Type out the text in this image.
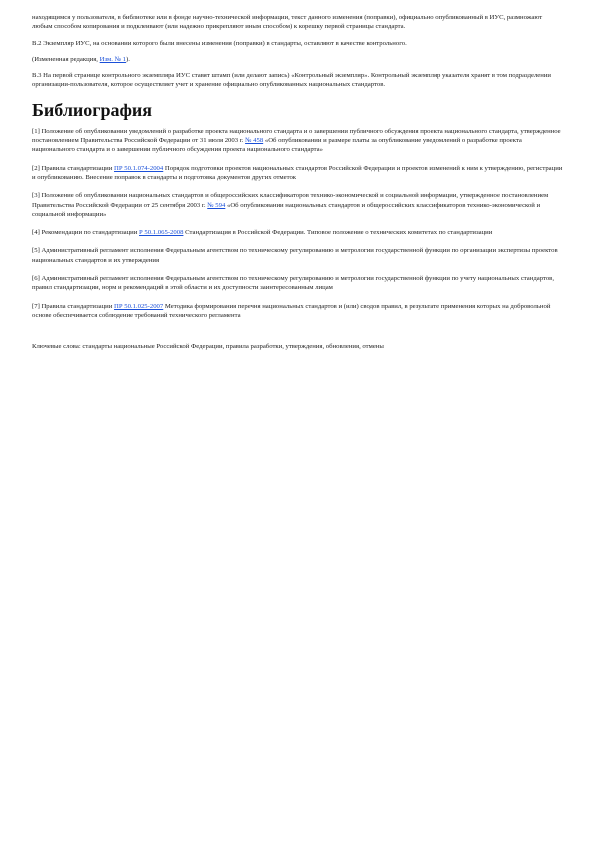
находящимся у пользователя, в библиотеке или в фонде научно-технической информации, текст данного изменения (поправки), официально опубликованный в ИУС, размножают любым способом копирования и подклеивают (или надежно прикрепляют иным способом) к корешку первой страницы стандарта.

В.2 Экземпляр ИУС, на основании которого были внесены изменения (поправки) в стандарты, оставляют в качестве контрольного.

(Измененная редакция, Изм. № 1).

В.3 На первой странице контрольного экземпляра ИУС ставят штамп (или делают запись) «Контрольный экземпляр». Контрольный экземпляр указателя хранят в том подразделении организации-пользователя, которое осуществляет учет и хранение официально опубликованных национальных стандартов.

Библиография

[1] Положение об опубликовании уведомлений о разработке проекта национального стандарта и о завершении публичного обсуждения проекта национального стандарта, утвержденное постановлением Правительства Российской Федерации от 31 июля 2003 г. № 458 «Об опубликовании и размере платы за опубликование уведомлений о разработке проекта национального стандарта и о завершении публичного обсуждения проекта национального стандарта»

[2] Правила стандартизации ПР 50.1.074-2004 Порядок подготовки проектов национальных стандартов Российской Федерации и проектов изменений к ним к утверждению, регистрации и опубликованию. Внесение поправок в стандарты и подготовка документов других отметок

[3] Положение об опубликовании национальных стандартов и общероссийских классификаторов технико-экономической и социальной информации, утвержденное постановлением Правительства Российской Федерации от 25 сентября 2003 г. № 594 «Об опубликовании национальных стандартов и общероссийских классификаторов технико-экономической и социальной информации»

[4] Рекомендации по стандартизации Р 50.1.065-2008 Стандартизация в Российской Федерации. Типовое положение о технических комитетах по стандартизации

[5] Административный регламент исполнения Федеральным агентством по техническому регулированию и метрологии государственной функции по организации экспертизы проектов национальных стандартов и их утверждения

[6] Административный регламент исполнения Федеральным агентством по техническому регулированию и метрологии государственной функции по учету национальных стандартов, правил стандартизации, норм и рекомендаций в этой области и их доступности заинтересованным лицам

[7] Правила стандартизации ПР 50.1.025-2007 Методика формирования перечня национальных стандартов и (или) сводов правил, в результате применения которых на добровольной основе обеспечивается соблюдение требований технического регламента

Ключевые слова: стандарты национальные Российской Федерации, правила разработки, утверждения, обновления, отмены
